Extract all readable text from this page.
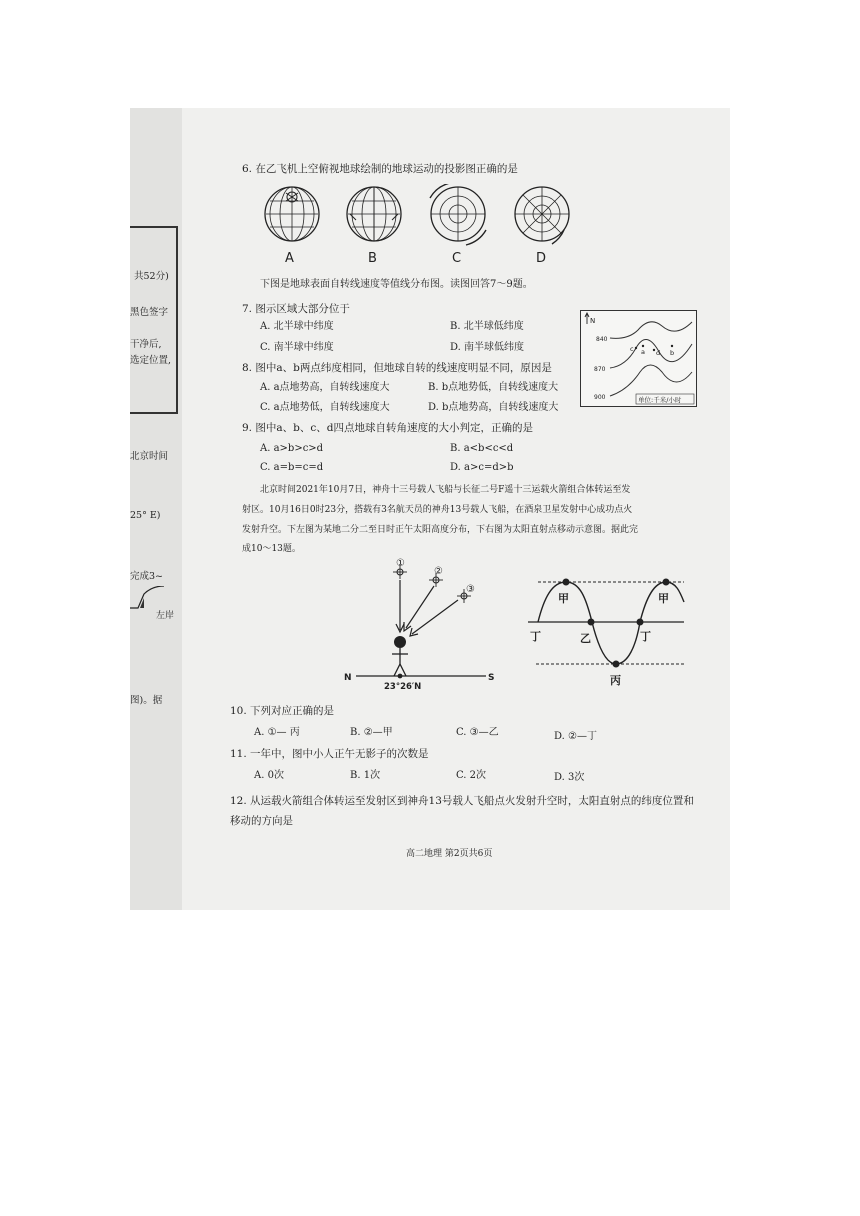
共52分)
黑色签字
干净后,
选定位置,
北京时间
25° E)
完成3~
左岸
图)。据
6. 在乙飞机上空俯视地球绘制的地球运动的投影图正确的是
A	B	C	D
下图是地球表面自转线速度等值线分布图。读图回答7～9题。
7. 图示区域大部分位于
A. 北半球中纬度	B. 北半球低纬度
C. 南半球中纬度	D. 南半球低纬度
8. 图中a、b两点纬度相同，但地球自转的线速度明显不同，原因是
A. a点地势高，自转线速度大	B. b点地势低，自转线速度大
C. a点地势低，自转线速度大	D. b点地势高，自转线速度大
9. 图中a、b、c、d四点地球自转角速度的大小判定，正确的是
A. a>b>c>d	B. a<b<c<d
C. a=b=c=d	D. a>c=d>b
N
840
870
900
c a d b
单位:千米/小时
北京时间2021年10月7日，神舟十三号载人飞船与长征二号F遥十三运载火箭组合体转运至发
射区。10月16日0时23分，搭载有3名航天员的神舟13号载人飞船，在酒泉卫星发射中心成功点火
发射升空。下左图为某地二分二至日时正午太阳高度分布，下右图为太阳直射点移动示意图。据此完
成10～13题。
①
②
③
N	S
23°26′N
甲	甲
乙
丙
丁	丁
10. 下列对应正确的是
A. ①— 丙	B. ②—甲	C. ③—乙	D. ②—丁
11. 一年中，图中小人正午无影子的次数是
A. 0次	B. 1次	C. 2次	D. 3次
12. 从运载火箭组合体转运至发射区到神舟13号载人飞船点火发射升空时，太阳直射点的纬度位置和
移动的方向是
高二地理 第2页共6页
